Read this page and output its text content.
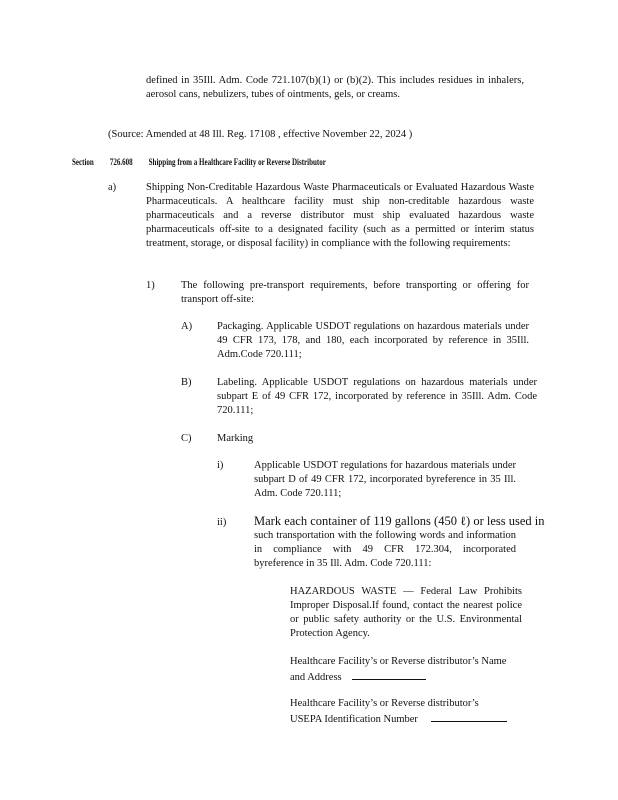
defined in 35Ill. Adm. Code 721.107(b)(1) or (b)(2). This includes residues in inhalers, aerosol cans, nebulizers, tubes of ointments, gels, or creams.
(Source: Amended at 48 Ill. Reg. 17108 , effective November 22, 2024 )
Section 726.608 Shipping from a Healthcare Facility or Reverse Distributor
a)	Shipping Non-Creditable Hazardous Waste Pharmaceuticals or Evaluated Hazardous Waste Pharmaceuticals. A healthcare facility must ship non-creditable hazardous waste pharmaceuticals and a reverse distributor must ship evaluated hazardous waste pharmaceuticals off-site to a designated facility (such as a permitted or interim status treatment, storage, or disposal facility) in compliance with the following requirements:
1)	The following pre-transport requirements, before transporting or offering for transport off-site:
A) Packaging. Applicable USDOT regulations on hazardous materials under 49 CFR 173, 178, and 180, each incorporated by reference in 35Ill. Adm.Code 720.111;
B) Labeling. Applicable USDOT regulations on hazardous materials under subpart E of 49 CFR 172, incorporated by reference in 35Ill. Adm. Code 720.111;
C) Marking
i)	Applicable USDOT regulations for hazardous materials under subpart D of 49 CFR 172, incorporated byreference in 35 Ill. Adm. Code 720.111;
ii) Mark each container of 119 gallons (450 ℓ) or less used in
such transportation with the following words and information in compliance with 49 CFR 172.304, incorporated byreference in 35 Ill. Adm. Code 720.111:
HAZARDOUS WASTE — Federal Law Prohibits Improper Disposal.If found, contact the nearest police or public safety authority or the U.S. Environmental Protection Agency.
Healthcare Facility’s or Reverse distributor’s Name
and Address
Healthcare Facility’s or Reverse distributor’s
USEPA Identification Number
